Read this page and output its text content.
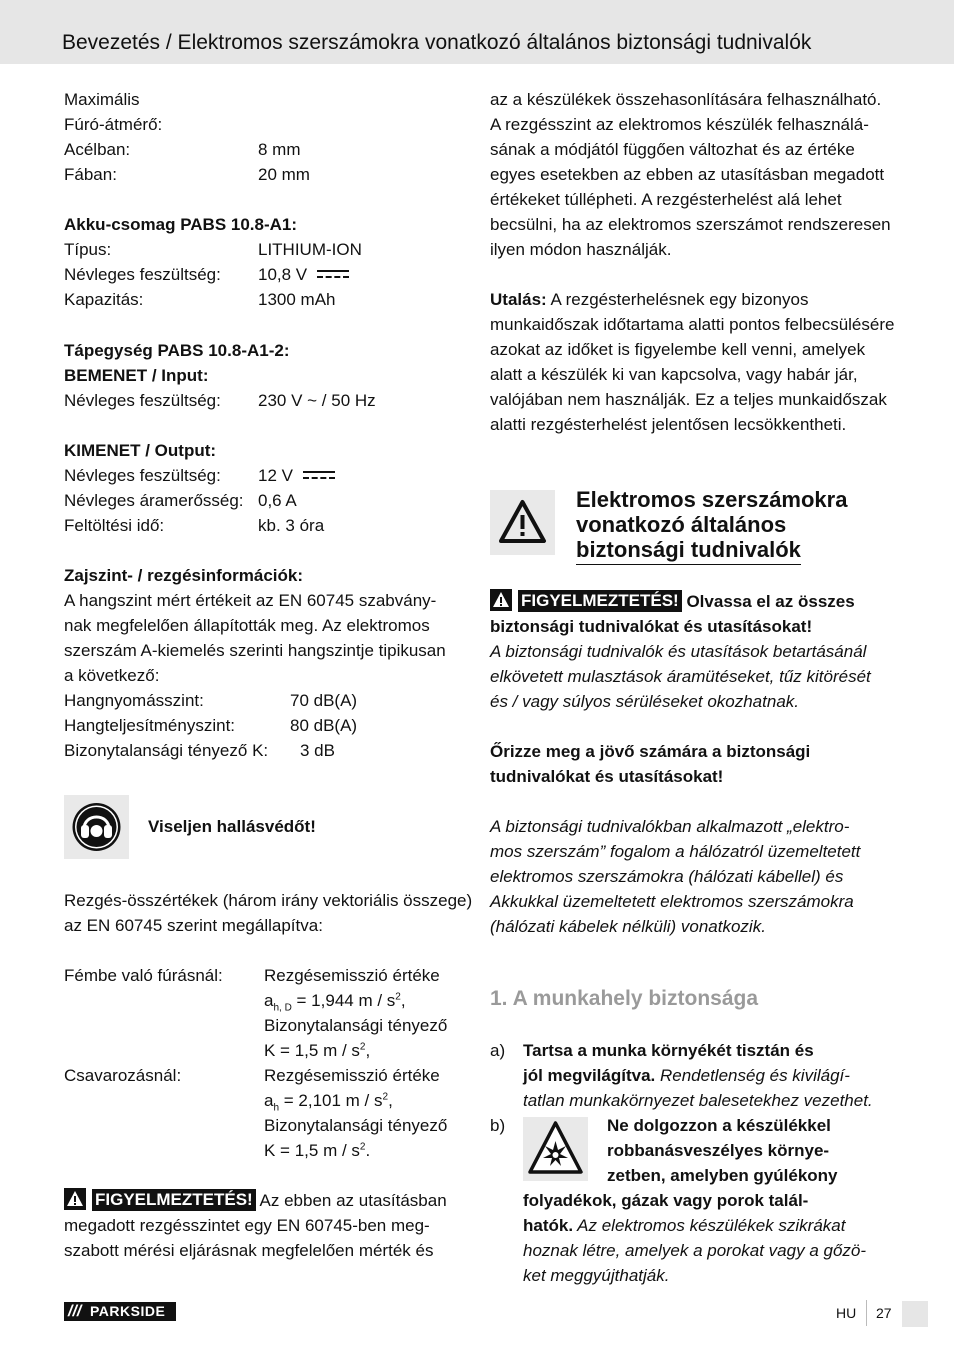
Bevezetés / Elektromos szerszámokra vonatkozó általános biztonsági tudnivalók
Maximális
Fúró-átmérő:
Acélban:	8 mm
Fában:	20 mm
Akku-csomag PABS 10.8-A1:
Típus:	LITHIUM-ION
Névleges feszültség: 10,8 V
Kapazitás:	1300 mAh
Tápegység PABS 10.8-A1-2:
BEMENET / Input:
Névleges feszültség: 230 V ~ / 50 Hz
KIMENET / Output:
Névleges feszültség: 12 V
Névleges áramerősség: 0,6 A
Feltöltési idő:	kb. 3 óra
Zajszint- / rezgésinformációk:
A hangszint mért értékeit az EN 60745 szabvány-
nak megfelelően állapították meg. Az elektromos
szerszám A-kiemelés szerinti hangszintje tipikusan
a következő:
Hangnyomásszint:	70 dB(A)
Hangteljesítményszint:	80 dB(A)
Bizonytalansági tényező K: 3 dB
Viseljen hallásvédőt!
Rezgés-összértékek (három irány vektoriális összege)
az EN 60745 szerint megállapítva:
Fémbe való fúrásnál: Rezgésemisszió értéke
$a_{h, D} = 1,944$ m / $s^2$,
Bizonytalansági tényező
K = 1,5 m / $s^2$,
Csavarozásnál:	Rezgésemisszió értéke
$a_h = 2,101$ m / $s^2$,
Bizonytalansági tényező
K = 1,5 m / $s^2$.
FIGYELMEZTETÉS! Az ebben az utasításban
megadott rezgésszintet egy EN 60745-ben meg-
szabott mérési eljárásnak megfelelően mérték és
az a készülékek összehasonlítására felhasználható.
A rezgésszint az elektromos készülék felhasználá-
sának a módjától függően változhat és az értéke
egyes esetekben az ebben az utasításban megadott
értékeket túllépheti. A rezgésterhelést alá lehet
becsülni, ha az elektromos szerszámot rendszeresen
ilyen módon használják.
Utalás: A rezgésterhelésnek egy bizonyos
munkaidőszak időtartama alatti pontos felbecsülésére
azokat az időket is figyelembe kell venni, amelyek
alatt a készülék ki van kapcsolva, vagy habár jár,
valójában nem használják. Ez a teljes munkaidőszak
alatti rezgésterhelést jelentősen lecsökkentheti.
Elektromos szerszámokra
vonatkozó általános
biztonsági tudnivalók
FIGYELMEZTETÉS! Olvassa el az összes
biztonsági tudnivalókat és utasításokat!
A biztonsági tudnivalók és utasítások betartásánál
elkövetett mulasztások áramütéseket, tűz kitörését
és / vagy súlyos sérüléseket okozhatnak.
Őrizze meg a jövő számára a biztonsági
tudnivalókat és utasításokat!
A biztonsági tudnivalókban alkalmazott „elektro-
mos szerszám” fogalom a hálózatról üzemeltetett
elektromos szerszámokra (hálózati kábellel) és
Akkukkal üzemeltetett elektromos szerszámokra
(hálózati kábelek nélküli) vonatkozik.
1. A munkahely biztonsága
a) Tartsa a munka környékét tisztán és
jól megvilágítva. Rendetlenség és kivilágí-
tatlan munkakörnyezet balesetekhez vezethet.
b)	Ne dolgozzon a készülékkel
robbanásveszélyes környe-
zetben, amelyben gyúlékony
folyadékok, gázak vagy porok talál-
hatók. Az elektromos készülékek szikrákat
hoznak létre, amelyek a porokat vagy a gőzö-
ket meggyújthatják.
/// PARKSIDE	HU 27
